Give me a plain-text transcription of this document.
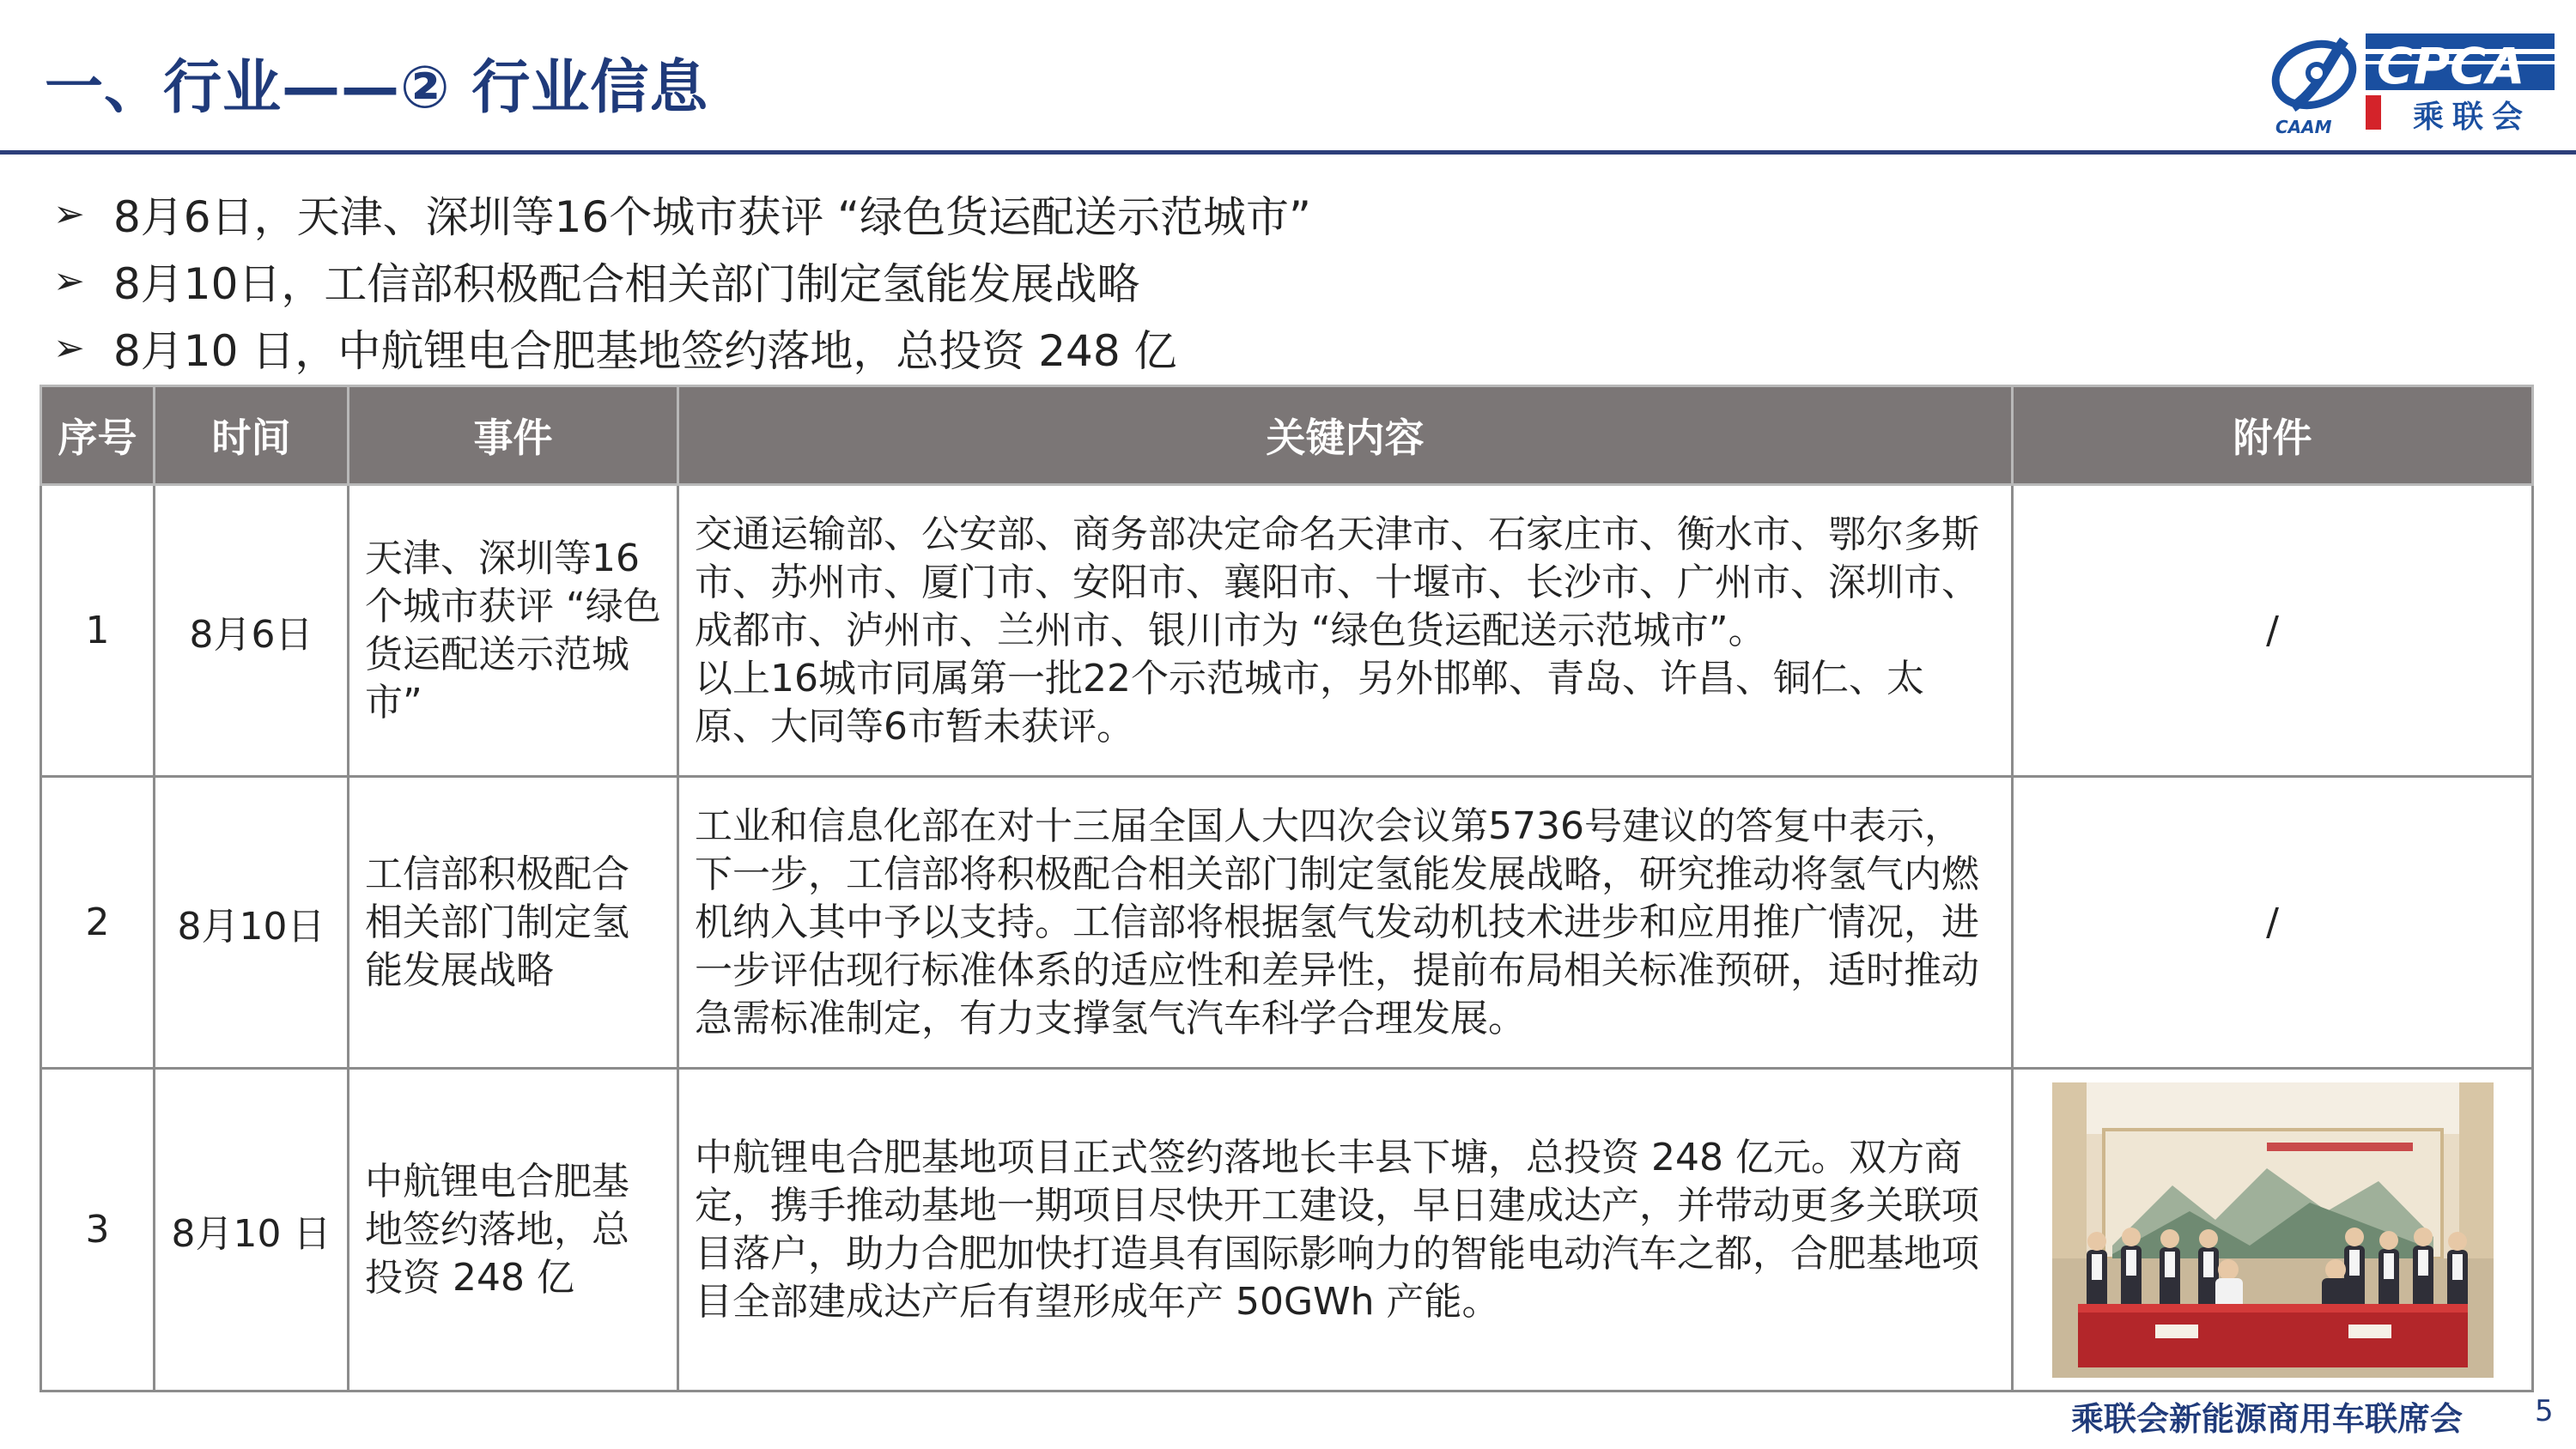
一、行业——② 行业信息
CAAM
CPCA
乘联会
➢ 8月6日，天津、深圳等16个城市获评 “绿色货运配送示范城市”
➢ 8月10日，工信部积极配合相关部门制定氢能发展战略
➢ 8月10 日，中航锂电合肥基地签约落地，总投资 248 亿
序号	时间	事件	关键内容	附件
1	8月6日	天津、深圳等16个城市获评 “绿色货运配送示范城市”	交通运输部、公安部、商务部决定命名天津市、石家庄市、衡水市、鄂尔多斯市、苏州市、厦门市、安阳市、襄阳市、十堰市、长沙市、广州市、深圳市、成都市、泸州市、兰州市、银川市为 “绿色货运配送示范城市”。
以上16城市同属第一批22个示范城市，另外邯郸、青岛、许昌、铜仁、太原、大同等6市暂未获评。	/
2	8月10日	工信部积极配合相关部门制定氢能发展战略	工业和信息化部在对十三届全国人大四次会议第5736号建议的答复中表示，下一步，工信部将积极配合相关部门制定氢能发展战略，研究推动将氢气内燃机纳入其中予以支持。工信部将根据氢气发动机技术进步和应用推广情况，进一步评估现行标准体系的适应性和差异性，提前布局相关标准预研，适时推动急需标准制定，有力支撑氢气汽车科学合理发展。	/
3	8月10 日	中航锂电合肥基地签约落地，总投资 248 亿	中航锂电合肥基地项目正式签约落地长丰县下塘，总投资 248 亿元。双方商定，携手推动基地一期项目尽快开工建设，早日建成达产，并带动更多关联项目落户，助力合肥加快打造具有国际影响力的智能电动汽车之都，合肥基地项目全部建成达产后有望形成年产 50GWh 产能。

乘联会新能源商用车联席会 5
